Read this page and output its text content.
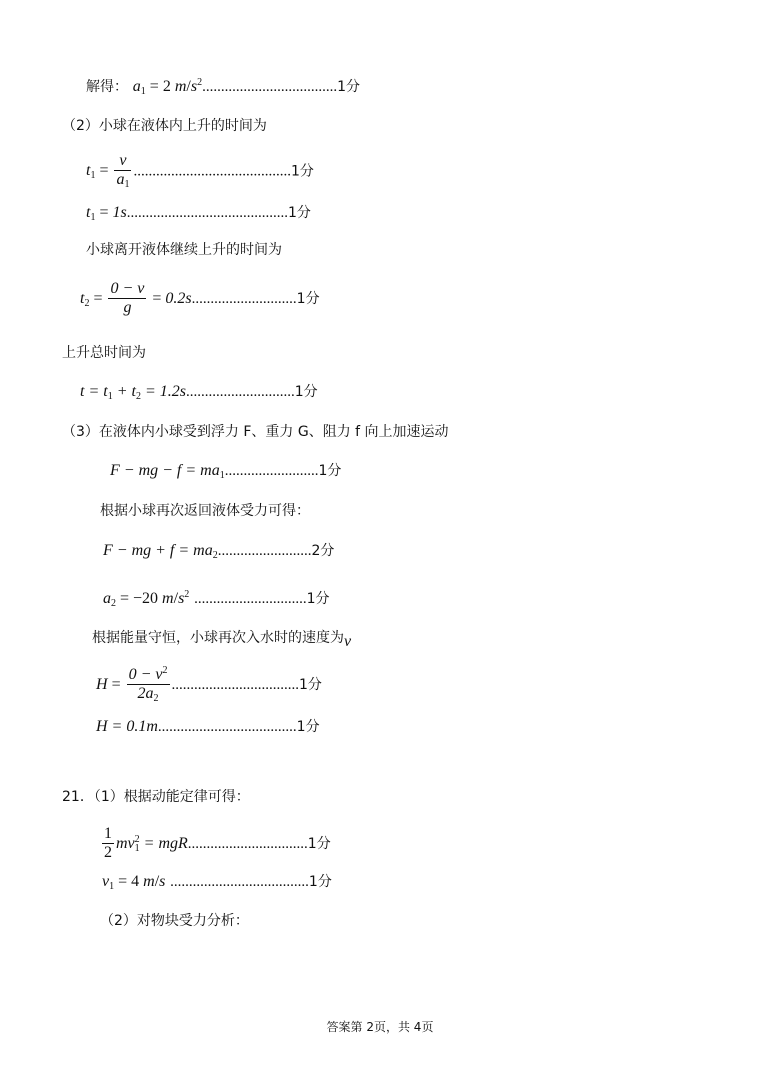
解得： $a_1 = 2$ $m/s^2....................................1$分
（2）小球在液体内上升的时间为
$t_1 = \frac{v}{a_1} ..........................................1$分
$t_1 = 1s...........................................1$分
小球离开液体继续上升的时间为
$t_2 = \frac{0 - v}{g} = 0.2s............................1$分
上升总时间为
$t = t_1 + t_2 = 1.2s.............................1$分
（3）在液体内小球受到浮力 F、重力 G、阻力 f 向上加速运动
F − mg − $f = ma_1.........................1$分
根据小球再次返回液体受力可得：
F − mg + $f = ma_2.........................2$分
$a_2 = -20$ $m/s^2$ ..............................1分
根据能量守恒，小球再次入水时的速度为v
$H = \frac{0 - v^2}{2a_2} ..................................1$分
H = 0.1m.....................................1分
21．（1）根据动能定律可得：
$\frac{1}{2} mv_1^2 = mgR................................1$分
$v_1 = 4$ m/s .....................................1分
（2）对物块受力分析：
答案第 2页，共 4页
